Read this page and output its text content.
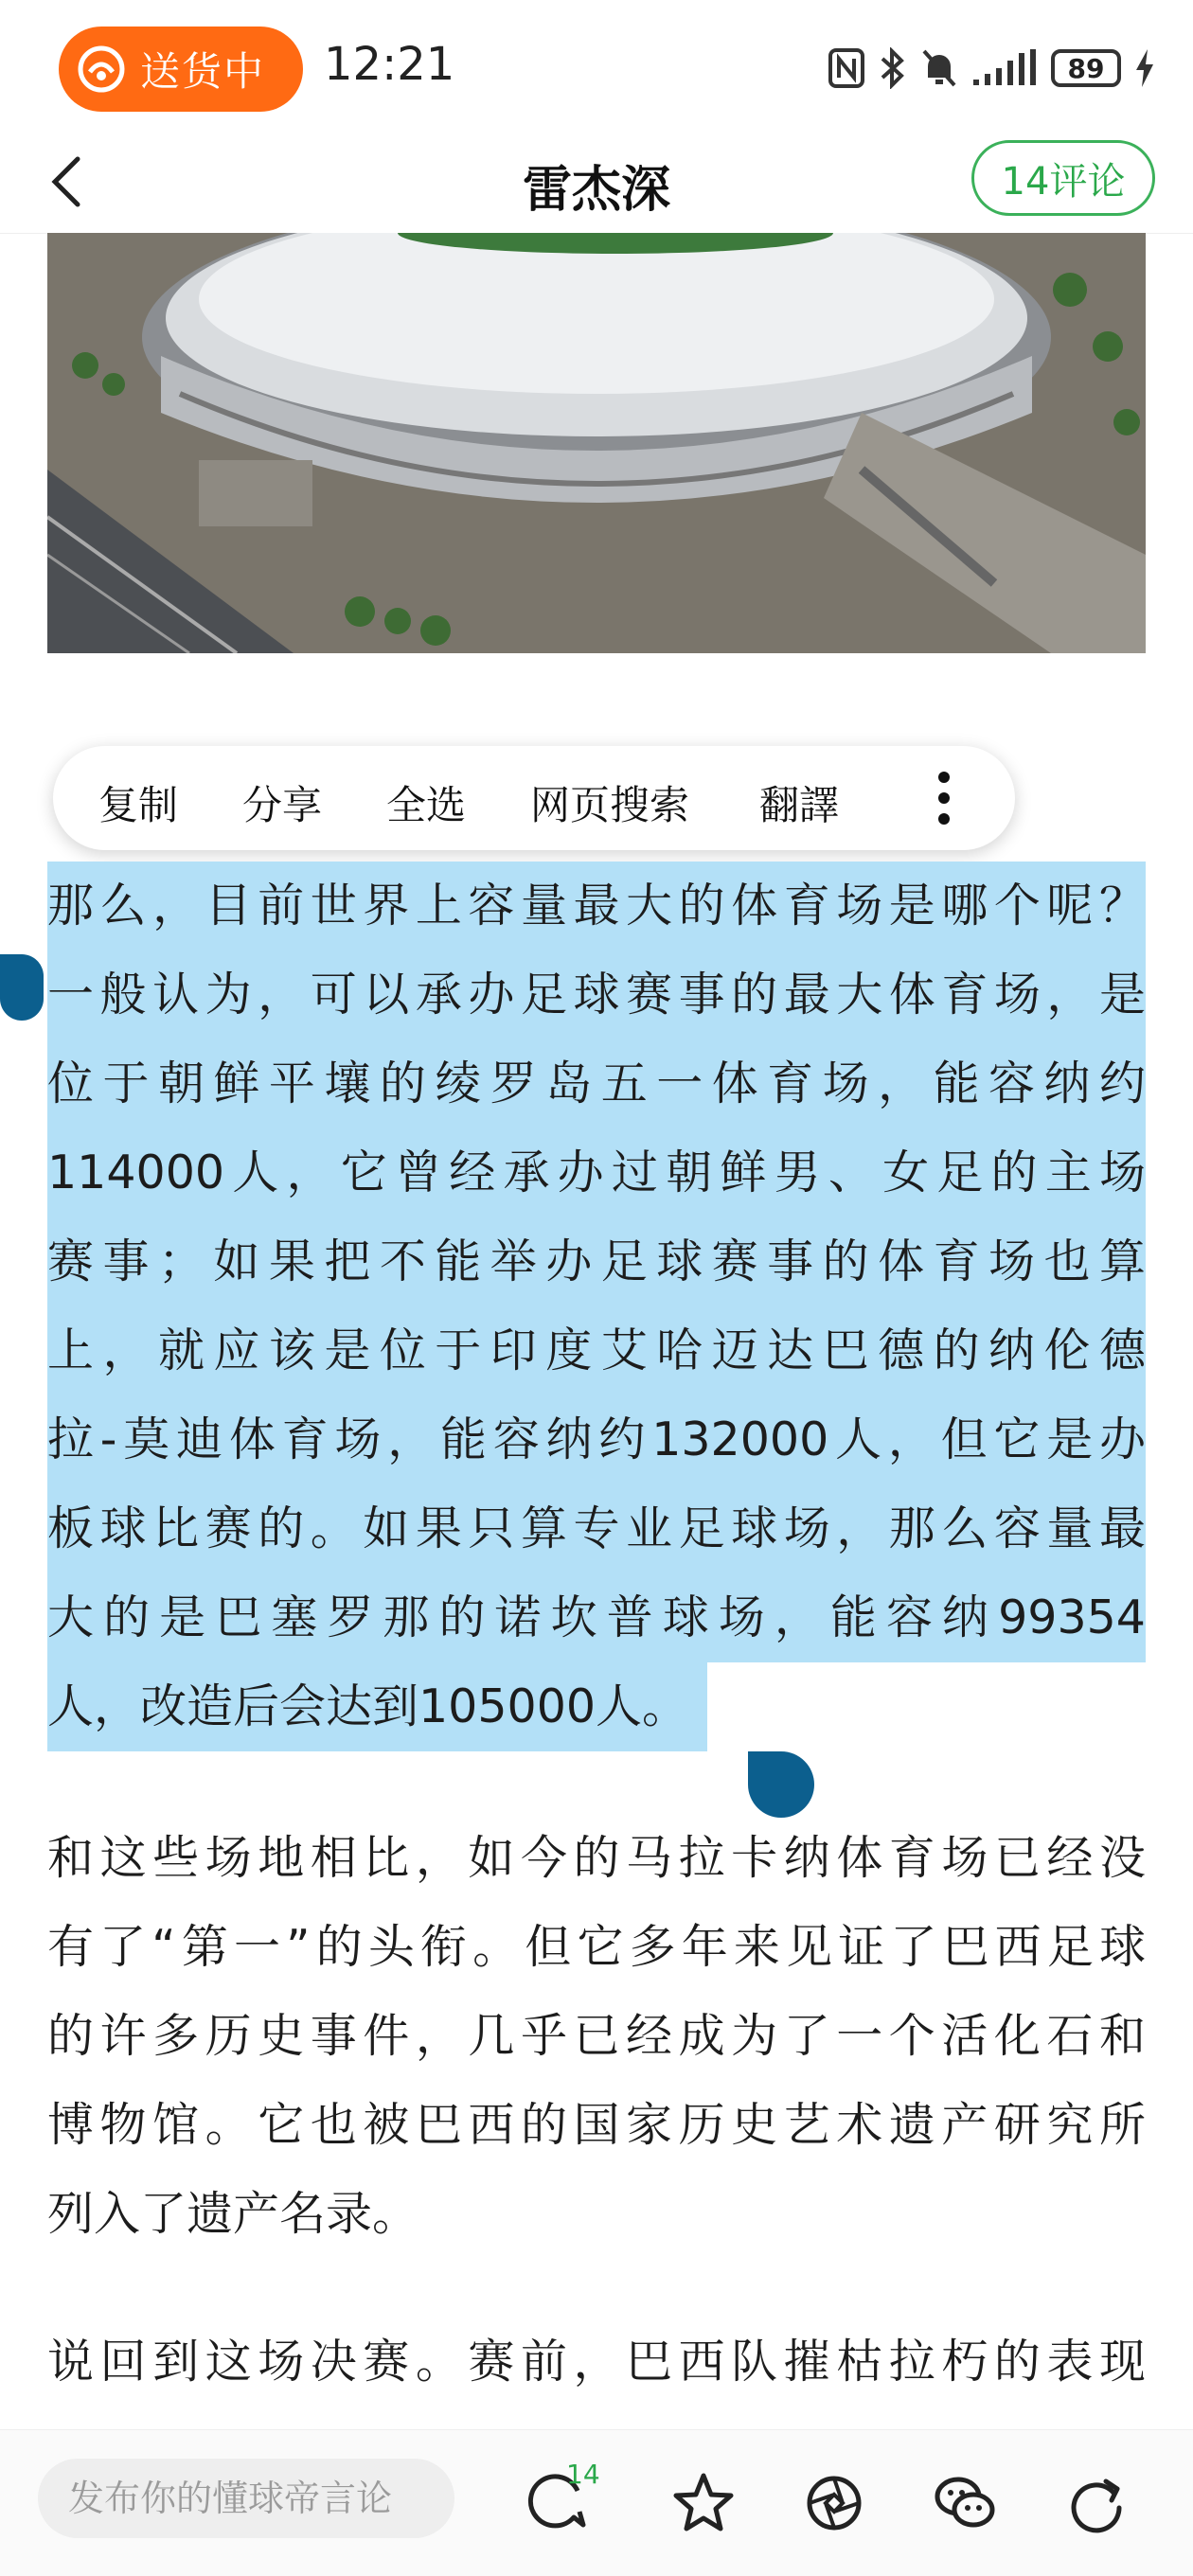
送货中 12:21	89
雷杰深	14评论
复制 分享 全选 网页搜索 翻譯
那么，目前世界上容量最大的体育场是哪个呢？
一般认为，可以承办足球赛事的最大体育场，是
位于朝鲜平壤的绫罗岛五一体育场，能容纳约
114000人，它曾经承办过朝鲜男、女足的主场
赛事；如果把不能举办足球赛事的体育场也算
上，就应该是位于印度艾哈迈达巴德的纳伦德
拉-莫迪体育场，能容纳约132000人，但它是办
板球比赛的。如果只算专业足球场，那么容量最
大的是巴塞罗那的诺坎普球场，能容纳99354
人，改造后会达到105000人。
和这些场地相比，如今的马拉卡纳体育场已经没
有了“第一”的头衔。但它多年来见证了巴西足球
的许多历史事件，几乎已经成为了一个活化石和
博物馆。它也被巴西的国家历史艺术遗产研究所
列入了遗产名录。
说回到这场决赛。赛前，巴西队摧枯拉朽的表现
发布你的懂球帝言论
14
